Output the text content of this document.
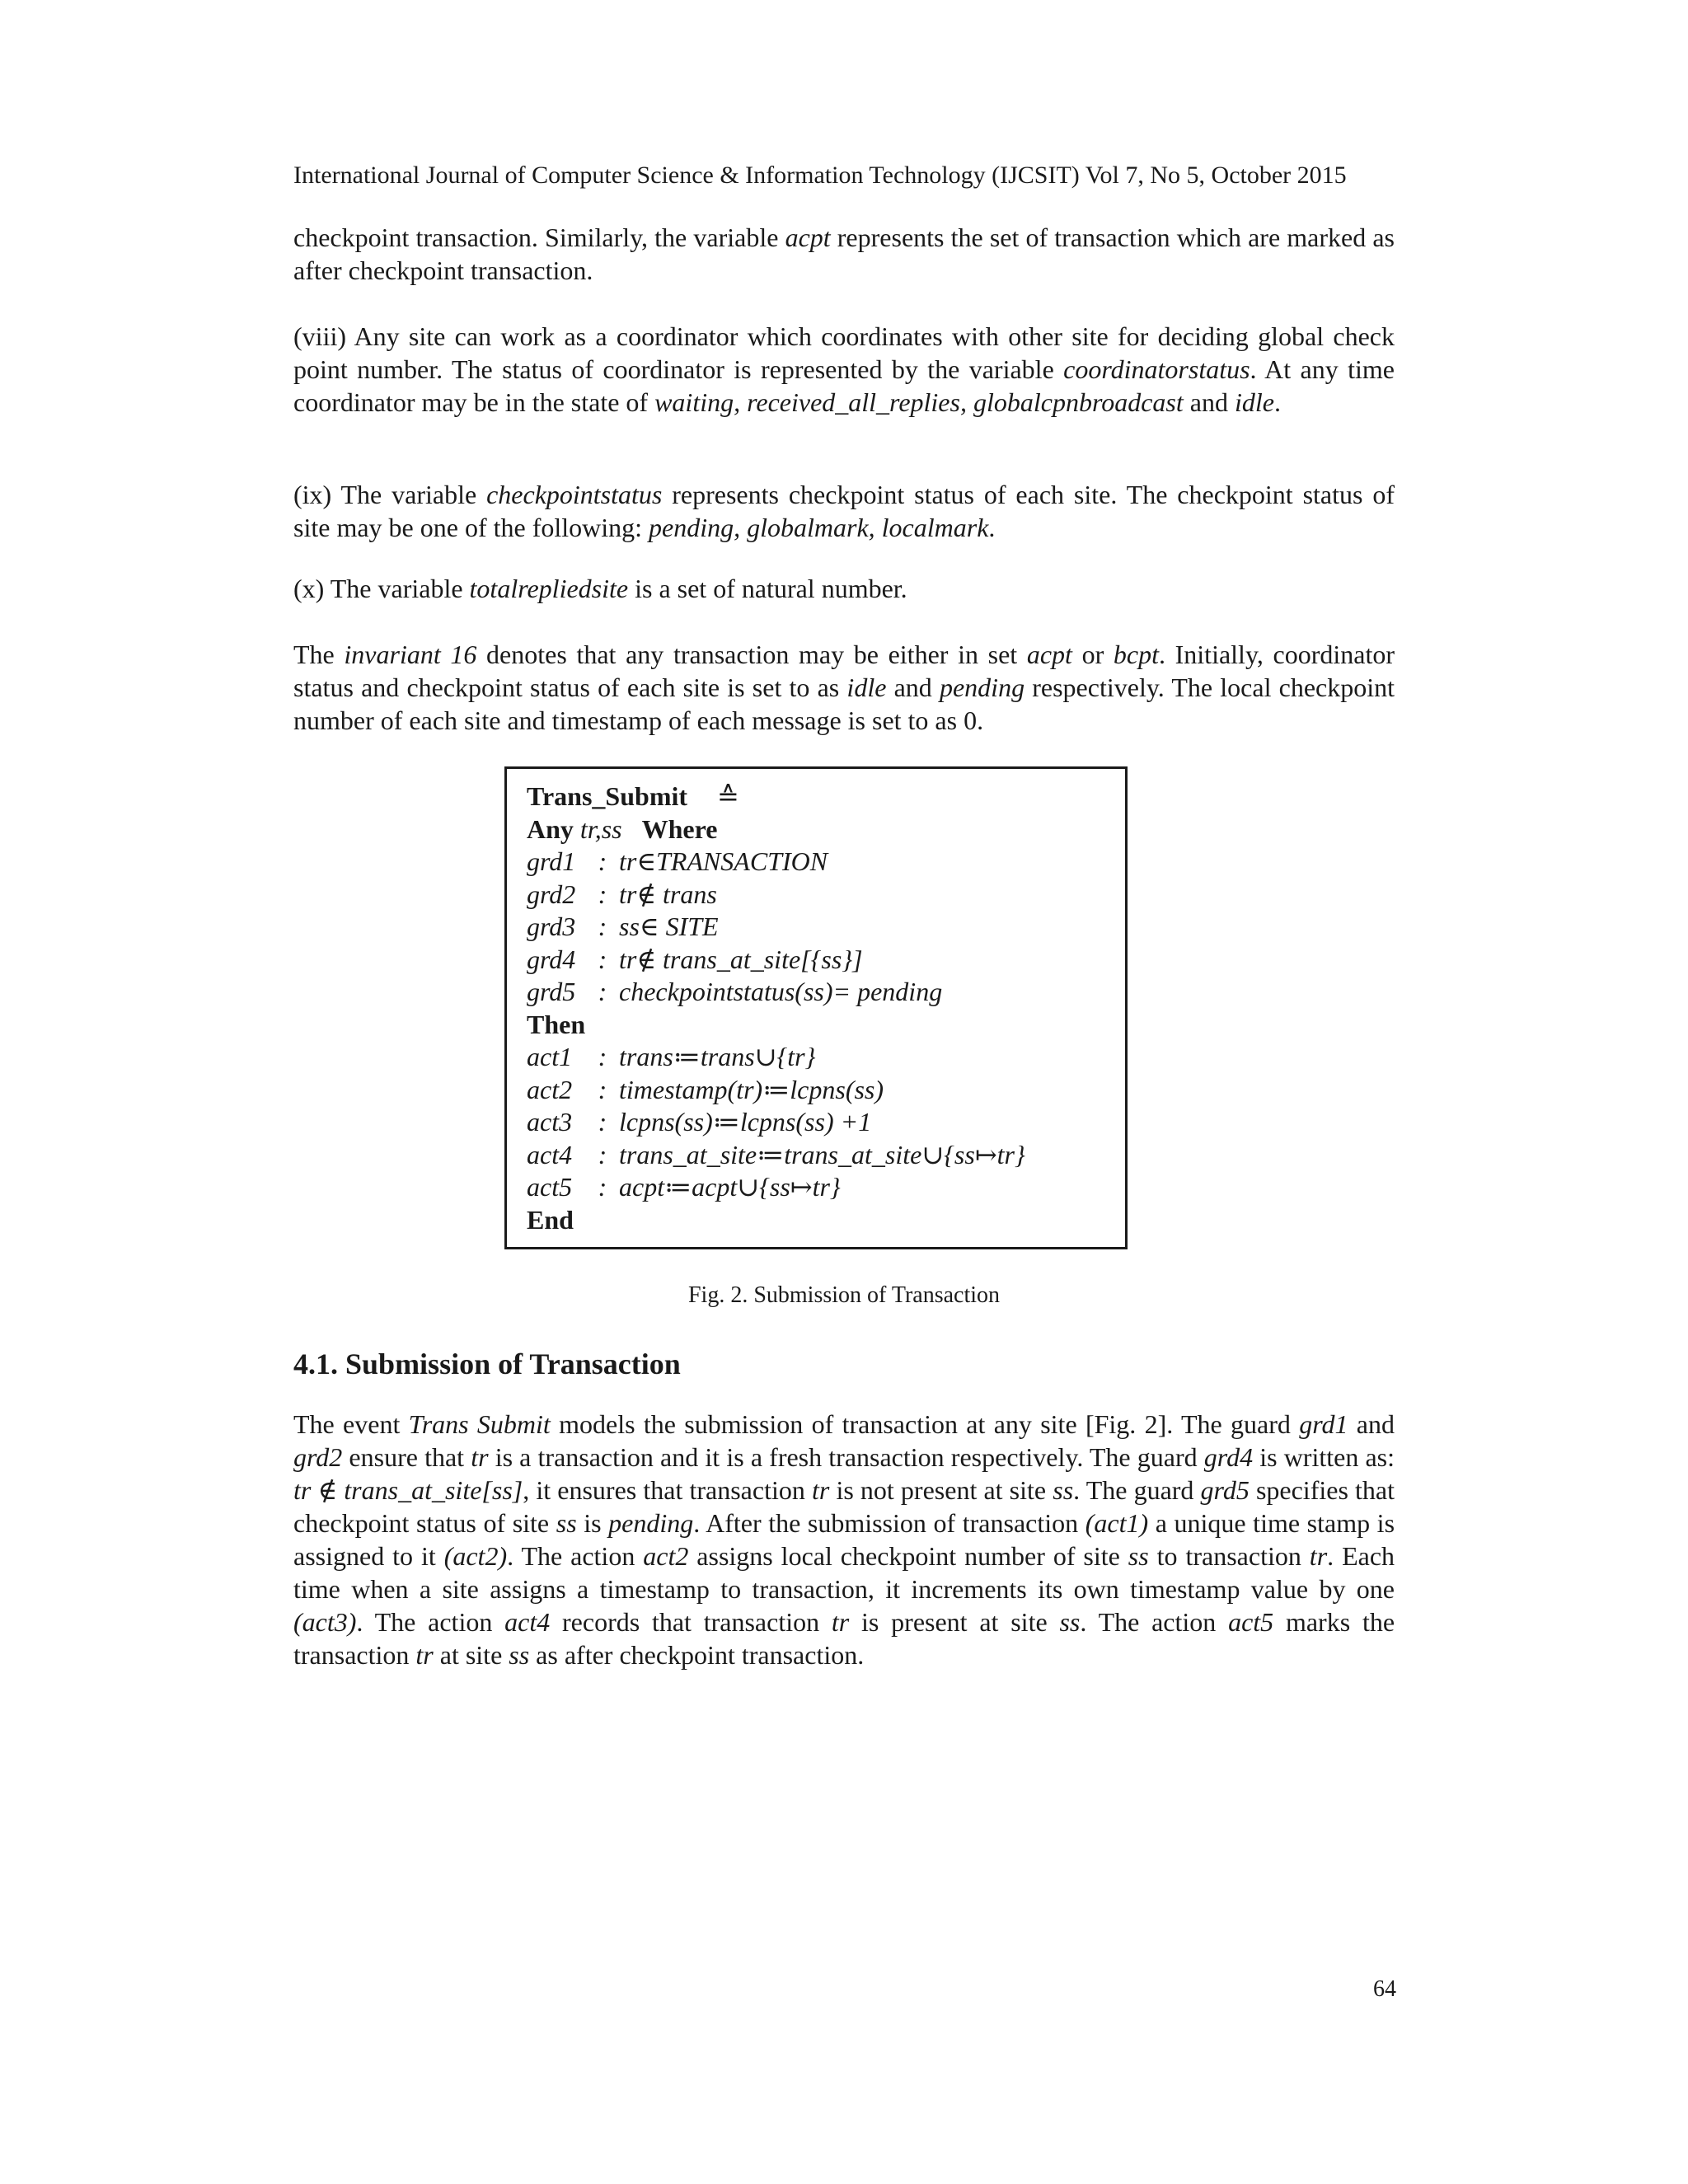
International Journal of Computer Science & Information Technology (IJCSIT) Vol 7, No 5, October 2015

checkpoint transaction. Similarly, the variable acpt represents the set of transaction which are marked as after checkpoint transaction.

(viii) Any site can work as a coordinator which coordinates with other site for deciding global check point number. The status of coordinator is represented by the variable coordinatorstatus. At any time coordinator may be in the state of waiting, received_all_replies, globalcpnbroadcast and idle.

(ix) The variable checkpointstatus represents checkpoint status of each site. The checkpoint status of site may be one of the following: pending, globalmark, localmark.

(x) The variable totalrepliedsite is a set of natural number.

The invariant 16 denotes that any transaction may be either in set acpt or bcpt. Initially, coordinator status and checkpoint status of each site is set to as idle and pending respectively. The local checkpoint number of each site and timestamp of each message is set to as 0.

Trans_Submit ≙
Any tr,ss Where
grd1 : tr∈TRANSACTION
grd2 : tr∉ trans
grd3 : ss∈ SITE
grd4 : tr∉ trans_at_site[{ss}]
grd5 : checkpointstatus(ss)= pending
Then
act1 : trans≔trans∪{tr}
act2 : timestamp(tr)≔lcpns(ss)
act3 : lcpns(ss)≔lcpns(ss) +1
act4 : trans_at_site≔trans_at_site∪{ss↦tr}
act5 : acpt≔acpt∪{ss↦tr}
End
Fig. 2. Submission of Transaction
4.1. Submission of Transaction

The event Trans Submit models the submission of transaction at any site [Fig. 2]. The guard grd1 and grd2 ensure that tr is a transaction and it is a fresh transaction respectively. The guard grd4 is written as: tr ∉ trans_at_site[ss], it ensures that transaction tr is not present at site ss. The guard grd5 specifies that checkpoint status of site ss is pending. After the submission of transaction (act1) a unique time stamp is assigned to it (act2). The action act2 assigns local checkpoint number of site ss to transaction tr. Each time when a site assigns a timestamp to transaction, it increments its own timestamp value by one (act3). The action act4 records that transaction tr is present at site ss. The action act5 marks the transaction tr at site ss as after checkpoint transaction.

64
